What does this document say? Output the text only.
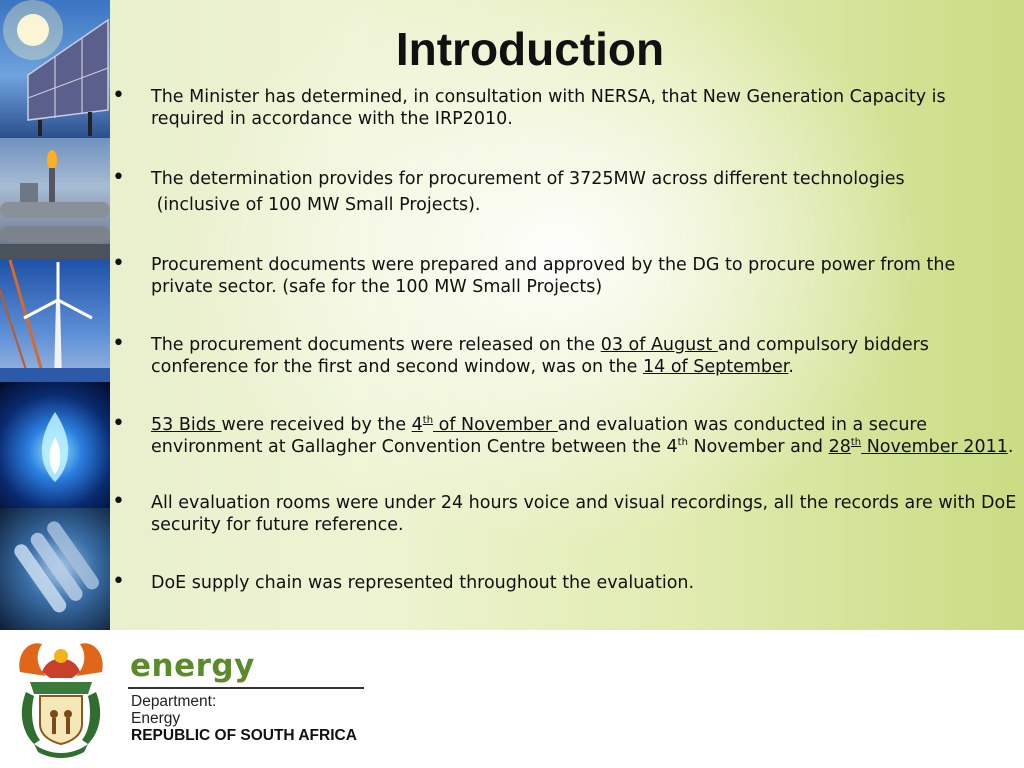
Introduction
• The Minister has determined, in consultation with NERSA, that New Generation Capacity is required in accordance with the IRP2010.
• The determination provides for procurement of 3725MW across different technologies
(inclusive of 100 MW Small Projects).
• Procurement documents were prepared and approved by the DG to procure power from the private sector. (safe for the 100 MW Small Projects)
• The procurement documents were released on the 03 of August and compulsory bidders conference for the first and second window, was on the 14 of September.
• 53 Bids were received by the 4th of November and evaluation was conducted in a secure environment at Gallagher Convention Centre between the 4th November and 28th November 2011.
• All evaluation rooms were under 24 hours voice and visual recordings, all the records are with DoE security for future reference.
• DoE supply chain was represented throughout the evaluation.

energy

Department:
Energy
REPUBLIC OF SOUTH AFRICA
